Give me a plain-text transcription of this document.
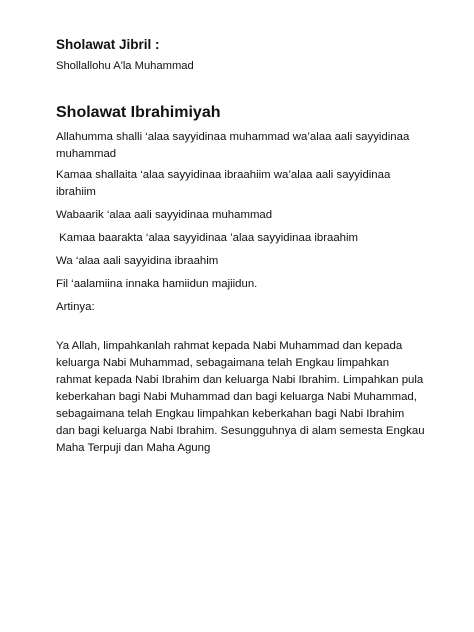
Sholawat Jibril :

Shollallohu A'la Muhammad

Sholawat Ibrahimiyah

Allahumma shalli ‘alaa sayyidinaa muhammad wa’alaa aali sayyidinaa muhammad

Kamaa shallaita ‘alaa sayyidinaa ibraahiim wa’alaa aali sayyidinaa ibrahiim

Wabaarik ‘alaa aali sayyidinaa muhammad

Kamaa baarakta ‘alaa sayyidinaa ’alaa sayyidinaa ibraahim

Wa ‘alaa aali sayyidina ibraahim

Fil ‘aalamiina innaka hamiidun majiidun.

Artinya:

Ya Allah, limpahkanlah rahmat kepada Nabi Muhammad dan kepada keluarga Nabi Muhammad, sebagaimana telah Engkau limpahkan rahmat kepada Nabi Ibrahim dan keluarga Nabi Ibrahim. Limpahkan pula keberkahan bagi Nabi Muhammad dan bagi keluarga Nabi Muhammad, sebagaimana telah Engkau limpahkan keberkahan bagi Nabi Ibrahim dan bagi keluarga Nabi Ibrahim. Sesungguhnya di alam semesta Engkau Maha Terpuji dan Maha Agung
